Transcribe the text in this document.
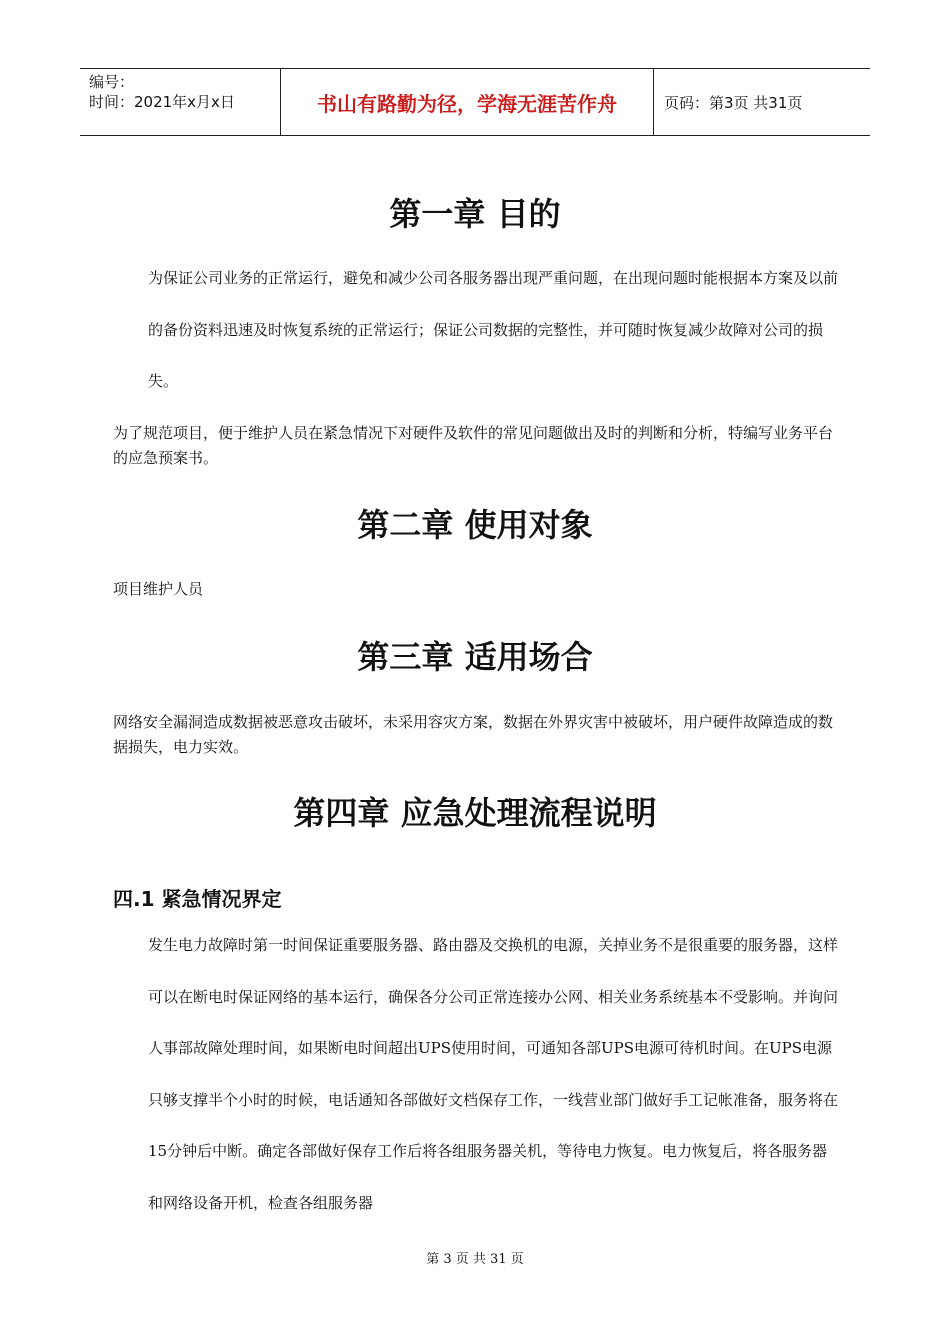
编号：
时间：2021年x月x日	书山有路勤为径，学海无涯苦作舟	页码：第3页 共31页
第一章 目的

为保证公司业务的正常运行，避免和减少公司各服务器出现严重问题，在出现问题时能根据本方案及以前的备份资料迅速及时恢复系统的正常运行；保证公司数据的完整性，并可随时恢复减少故障对公司的损失。

为了规范项目，便于维护人员在紧急情况下对硬件及软件的常见问题做出及时的判断和分析，特编写业务平台的应急预案书。

第二章 使用对象

项目维护人员

第三章 适用场合

网络安全漏洞造成数据被恶意攻击破坏，未采用容灾方案，数据在外界灾害中被破坏，用户硬件故障造成的数据损失，电力实效。

第四章 应急处理流程说明
四.1 紧急情况界定

发生电力故障时第一时间保证重要服务器、路由器及交换机的电源，关掉业务不是很重要的服务器，这样可以在断电时保证网络的基本运行，确保各分公司正常连接办公网、相关业务系统基本不受影响。并询问人事部故障处理时间，如果断电时间超出UPS使用时间，可通知各部UPS电源可待机时间。在UPS电源只够支撑半个小时的时候，电话通知各部做好文档保存工作，一线营业部门做好手工记帐准备，服务将在15分钟后中断。确定各部做好保存工作后将各组服务器关机，等待电力恢复。电力恢复后，将各服务器和网络设备开机，检查各组服务器

第 3 页 共 31 页
